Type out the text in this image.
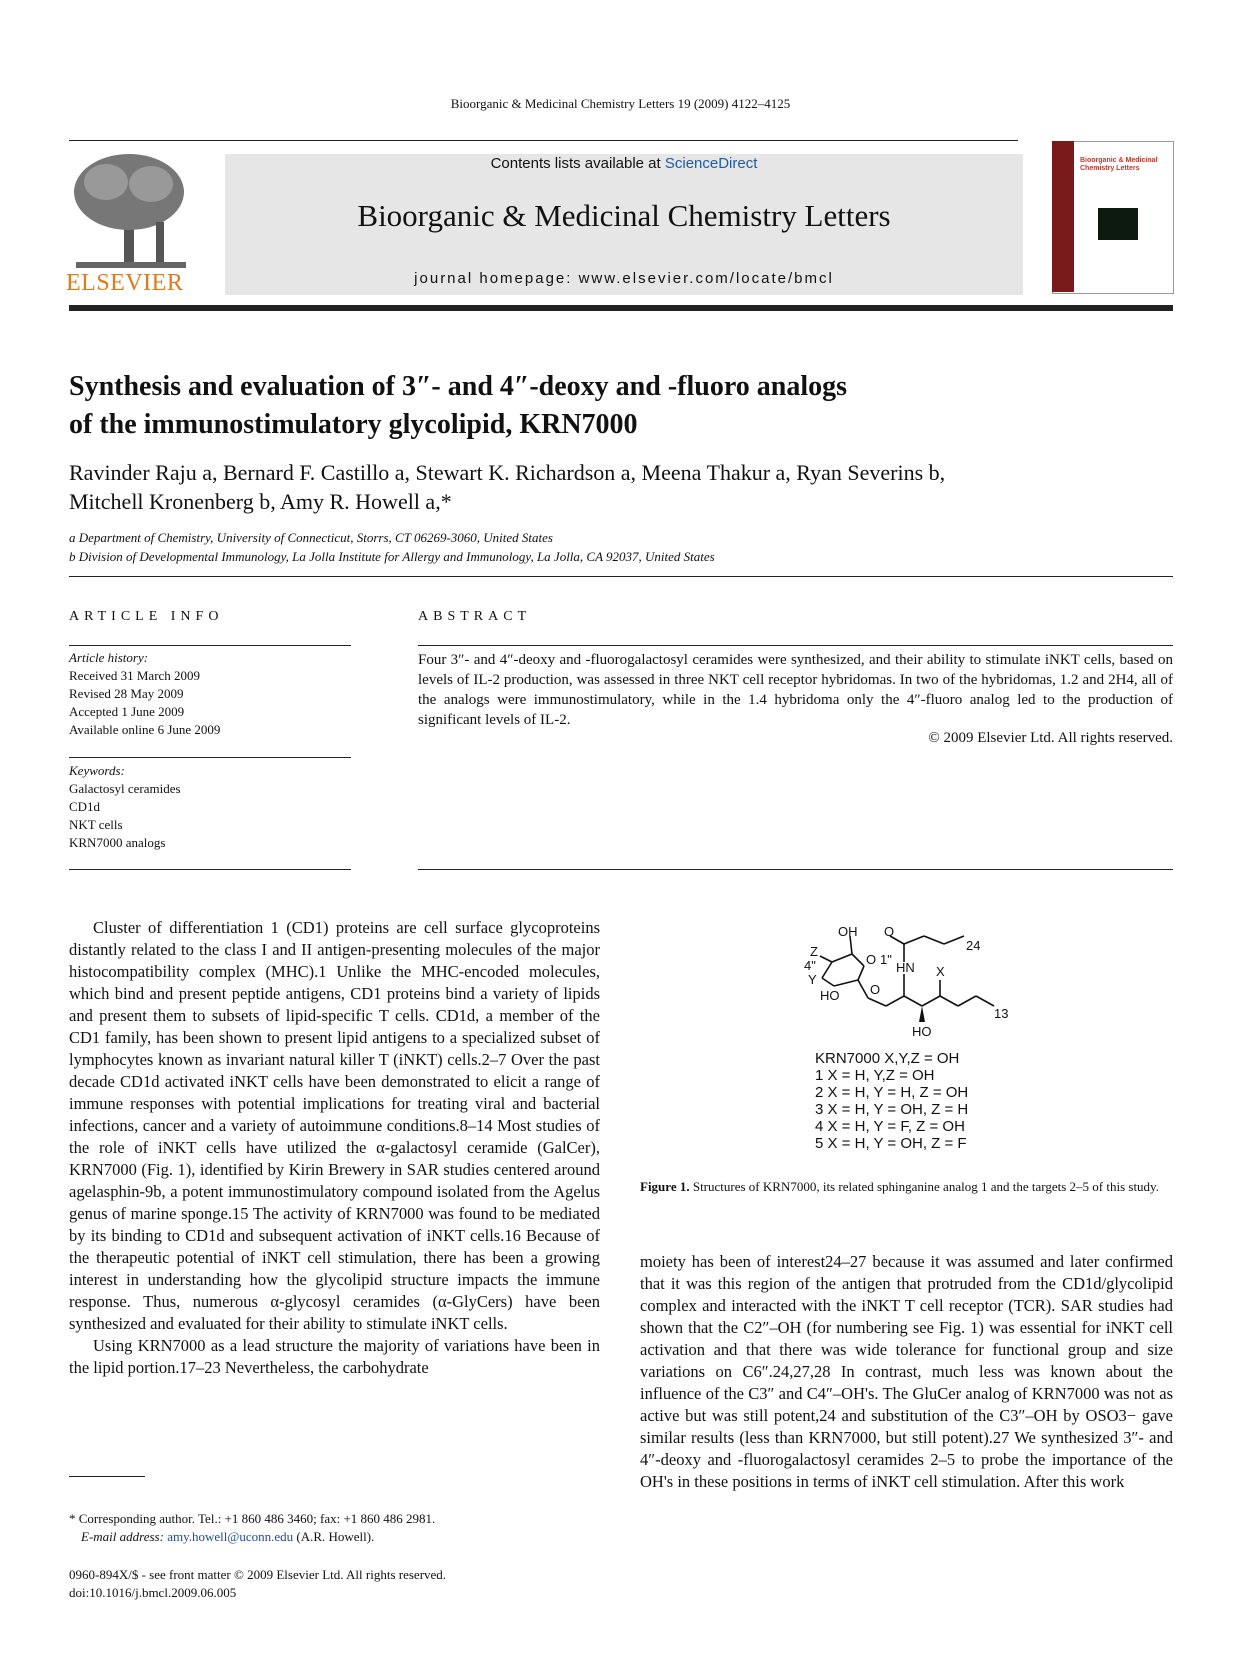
Bioorganic & Medicinal Chemistry Letters 19 (2009) 4122–4125
ELSEVIER
Contents lists available at ScienceDirect
Bioorganic & Medicinal Chemistry Letters
journal homepage: www.elsevier.com/locate/bmcl
Bioorganic & Medicinal Chemistry Letters
Synthesis and evaluation of 3″- and 4″-deoxy and -fluoro analogs
of the immunostimulatory glycolipid, KRN7000
Ravinder Raju a, Bernard F. Castillo a, Stewart K. Richardson a, Meena Thakur a, Ryan Severins b,
Mitchell Kronenberg b, Amy R. Howell a,*
a Department of Chemistry, University of Connecticut, Storrs, CT 06269-3060, United States
b Division of Developmental Immunology, La Jolla Institute for Allergy and Immunology, La Jolla, CA 92037, United States
ARTICLE INFO
Article history:
Received 31 March 2009
Revised 28 May 2009
Accepted 1 June 2009
Available online 6 June 2009
Keywords:
Galactosyl ceramides
CD1d
NKT cells
KRN7000 analogs
ABSTRACT
Four 3″- and 4″-deoxy and -fluorogalactosyl ceramides were synthesized, and their ability to stimulate iNKT cells, based on levels of IL-2 production, was assessed in three NKT cell receptor hybridomas. In two of the hybridomas, 1.2 and 2H4, all of the analogs were immunostimulatory, while in the 1.4 hybridoma only the 4″-fluoro analog led to the production of significant levels of IL-2.
© 2009 Elsevier Ltd. All rights reserved.

Cluster of differentiation 1 (CD1) proteins are cell surface glycoproteins distantly related to the class I and II antigen-presenting molecules of the major histocompatibility complex (MHC).1 Unlike the MHC-encoded molecules, which bind and present peptide antigens, CD1 proteins bind a variety of lipids and present them to subsets of lipid-specific T cells. CD1d, a member of the CD1 family, has been shown to present lipid antigens to a specialized subset of lymphocytes known as invariant natural killer T (iNKT) cells.2–7 Over the past decade CD1d activated iNKT cells have been demonstrated to elicit a range of immune responses with potential implications for treating viral and bacterial infections, cancer and a variety of autoimmune conditions.8–14 Most studies of the role of iNKT cells have utilized the α-galactosyl ceramide (GalCer), KRN7000 (Fig. 1), identified by Kirin Brewery in SAR studies centered around agelasphin-9b, a potent immunostimulatory compound isolated from the Agelus genus of marine sponge.15 The activity of KRN7000 was found to be mediated by its binding to CD1d and subsequent activation of iNKT cells.16 Because of the therapeutic potential of iNKT cell stimulation, there has been a growing interest in understanding how the glycolipid structure impacts the immune response. Thus, numerous α-glycosyl ceramides (α-GlyCers) have been synthesized and evaluated for their ability to stimulate iNKT cells.

Using KRN7000 as a lead structure the majority of variations have been in the lipid portion.17–23 Nevertheless, the carbohydrate

OH
Z
4"
Y
HO
O 1"
O
O
24
HN X
13
HO
KRN7000 X,Y,Z = OH
1 X = H, Y,Z = OH
2 X = H, Y = H, Z = OH
3 X = H, Y = OH, Z = H
4 X = H, Y = F, Z = OH
5 X = H, Y = OH, Z = F
Figure 1. Structures of KRN7000, its related sphinganine analog 1 and the targets 2–5 of this study.

moiety has been of interest24–27 because it was assumed and later confirmed that it was this region of the antigen that protruded from the CD1d/glycolipid complex and interacted with the iNKT T cell receptor (TCR). SAR studies had shown that the C2″–OH (for numbering see Fig. 1) was essential for iNKT cell activation and that there was wide tolerance for functional group and size variations on C6″.24,27,28 In contrast, much less was known about the influence of the C3″ and C4″–OH's. The GluCer analog of KRN7000 was not as active but was still potent,24 and substitution of the C3″–OH by OSO3− gave similar results (less than KRN7000, but still potent).27 We synthesized 3″- and 4″-deoxy and -fluorogalactosyl ceramides 2–5 to probe the importance of the OH's in these positions in terms of iNKT cell stimulation. After this work

* Corresponding author. Tel.: +1 860 486 3460; fax: +1 860 486 2981.
E-mail address: amy.howell@uconn.edu (A.R. Howell).
0960-894X/$ - see front matter © 2009 Elsevier Ltd. All rights reserved.
doi:10.1016/j.bmcl.2009.06.005
